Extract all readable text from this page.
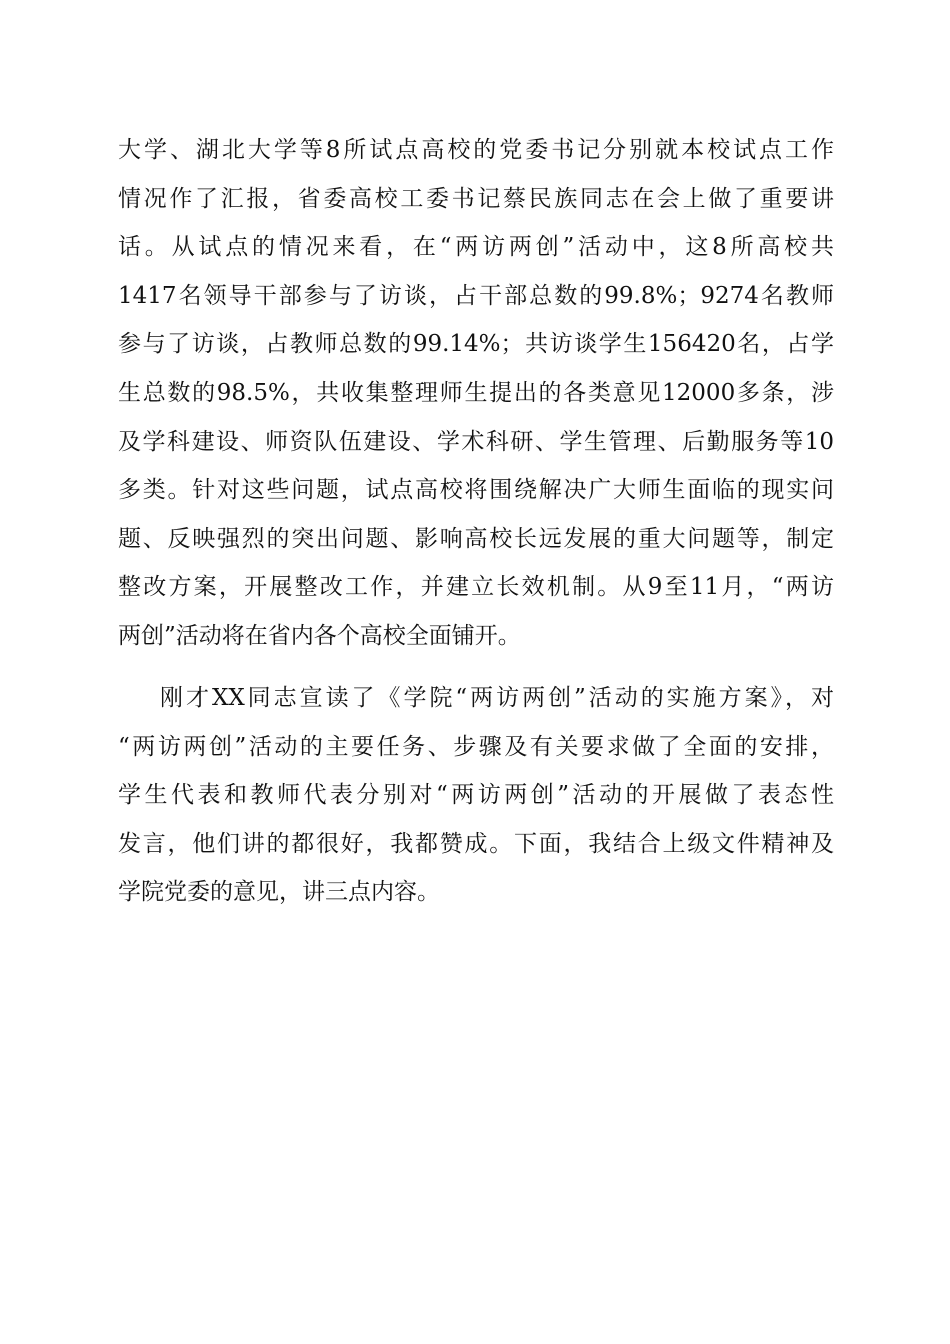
大学、湖北大学等8所试点高校的党委书记分别就本校试点工作
情况作了汇报，省委高校工委书记蔡民族同志在会上做了重要讲
话。从试点的情况来看，在“两访两创”活动中，这8所高校共
1417名领导干部参与了访谈，占干部总数的99.8%；9274名教师
参与了访谈，占教师总数的99.14%；共访谈学生156420名，占学
生总数的98.5%，共收集整理师生提出的各类意见12000多条，涉
及学科建设、师资队伍建设、学术科研、学生管理、后勤服务等10
多类。针对这些问题，试点高校将围绕解决广大师生面临的现实问
题、反映强烈的突出问题、影响高校长远发展的重大问题等，制定
整改方案，开展整改工作，并建立长效机制。从9至11月，“两访
两创”活动将在省内各个高校全面铺开。
刚才XX同志宣读了《学院“两访两创”活动的实施方案》，对
“两访两创”活动的主要任务、步骤及有关要求做了全面的安排，
学生代表和教师代表分别对“两访两创”活动的开展做了表态性
发言，他们讲的都很好，我都赞成。下面，我结合上级文件精神及
学院党委的意见，讲三点内容。
